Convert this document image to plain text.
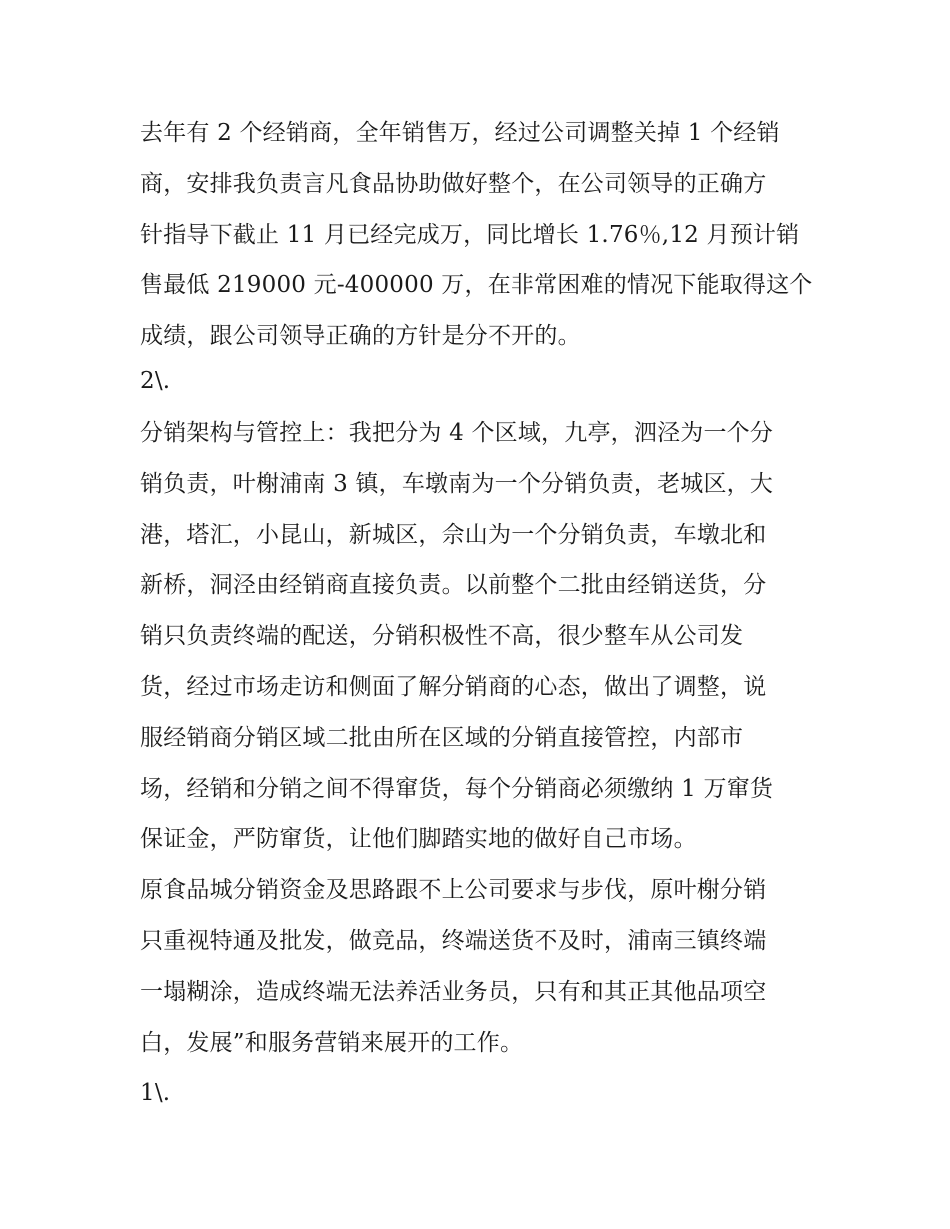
去年有 2 个经销商，全年销售万，经过公司调整关掉 1 个经销
商，安排我负责言凡食品协助做好整个，在公司领导的正确方
针指导下截止 11 月已经完成万，同比增长 1.76％,12 月预计销
售最低 219000 元-400000 万，在非常困难的情况下能取得这个
成绩，跟公司领导正确的方针是分不开的。
2\.
分销架构与管控上：我把分为 4 个区域，九亭，泗泾为一个分
销负责，叶榭浦南 3 镇，车墩南为一个分销负责，老城区，大
港，塔汇，小昆山，新城区，佘山为一个分销负责，车墩北和
新桥，洞泾由经销商直接负责。以前整个二批由经销送货，分
销只负责终端的配送，分销积极性不高，很少整车从公司发
货，经过市场走访和侧面了解分销商的心态，做出了调整，说
服经销商分销区域二批由所在区域的分销直接管控，内部市
场，经销和分销之间不得窜货，每个分销商必须缴纳 1 万窜货
保证金，严防窜货，让他们脚踏实地的做好自己市场。
原食品城分销资金及思路跟不上公司要求与步伐，原叶榭分销
只重视特通及批发，做竞品，终端送货不及时，浦南三镇终端
一塌糊涂，造成终端无法养活业务员，只有和其正其他品项空
白，发展”和服务营销来展开的工作。
1\.
